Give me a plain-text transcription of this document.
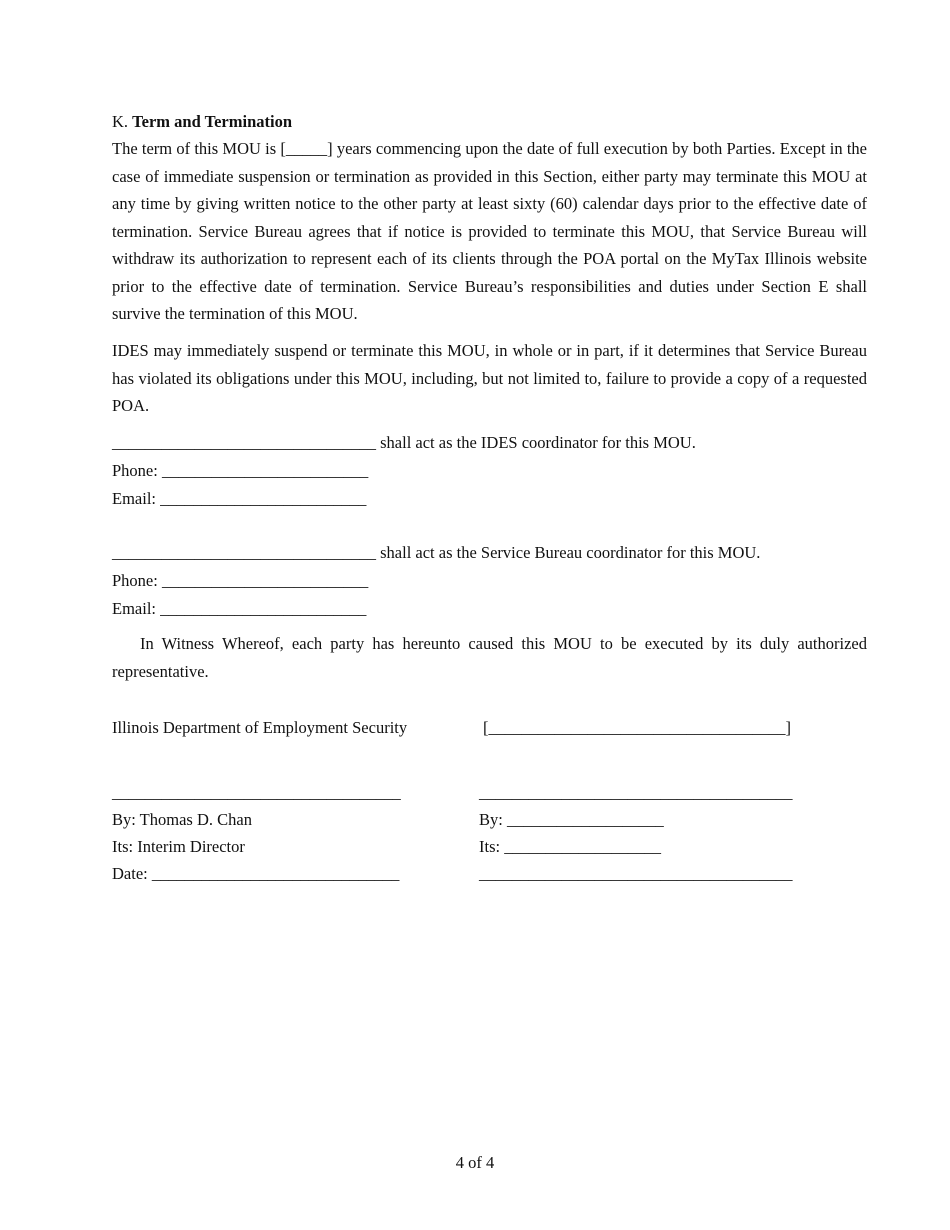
K. Term and Termination
The term of this MOU is [_____] years commencing upon the date of full execution by both Parties. Except in the case of immediate suspension or termination as provided in this Section, either party may terminate this MOU at any time by giving written notice to the other party at least sixty (60) calendar days prior to the effective date of termination. Service Bureau agrees that if notice is provided to terminate this MOU, that Service Bureau will withdraw its authorization to represent each of its clients through the POA portal on the MyTax Illinois website prior to the effective date of termination. Service Bureau’s responsibilities and duties under Section E shall survive the termination of this MOU.
IDES may immediately suspend or terminate this MOU, in whole or in part, if it determines that Service Bureau has violated its obligations under this MOU, including, but not limited to, failure to provide a copy of a requested POA.
________________________________ shall act as the IDES coordinator for this MOU.
Phone: _________________________
Email: _________________________
________________________________ shall act as the Service Bureau coordinator for this MOU.
Phone: _________________________
Email: _________________________
In Witness Whereof, each party has hereunto caused this MOU to be executed by its duly authorized representative.
Illinois Department of Employment Security	[____________________________________]
___________________________________	______________________________________
By: Thomas D. Chan	By: ___________________
Its: Interim Director	Its: ___________________
Date: ______________________________	______________________________________
4 of 4
